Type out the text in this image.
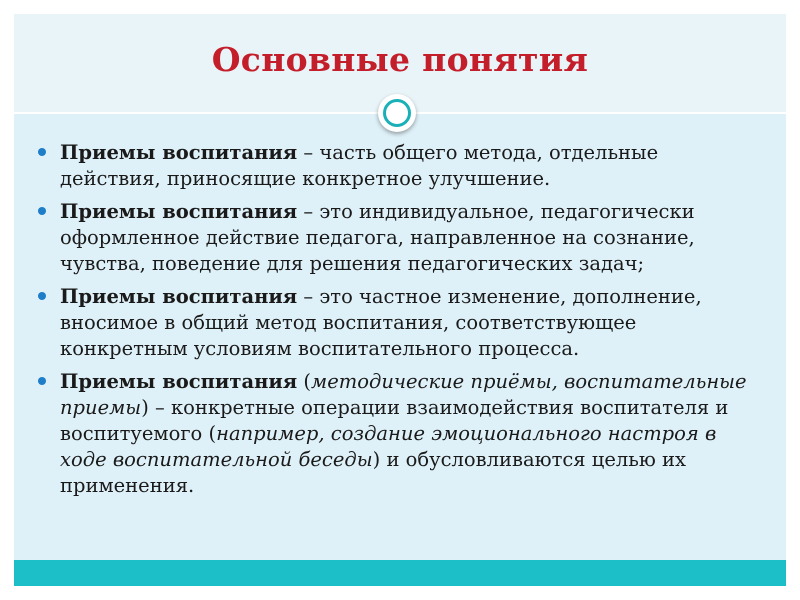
Основные понятия
Приемы воспитания – часть общего метода, отдельные действия, приносящие конкретное улучшение.
Приемы воспитания – это индивидуальное, педагогически оформленное действие педагога, направленное на сознание, чувства, поведение для решения педагогических задач;
Приемы воспитания – это частное изменение, дополнение, вносимое в общий метод воспитания, соответствующее конкретным условиям воспитательного процесса.
Приемы воспитания (методические приёмы, воспитательные приемы) – конкретные операции взаимодействия воспитателя и воспитуемого (например, создание эмоционального настроя в ходе воспитательной беседы) и обусловливаются целью их применения.
